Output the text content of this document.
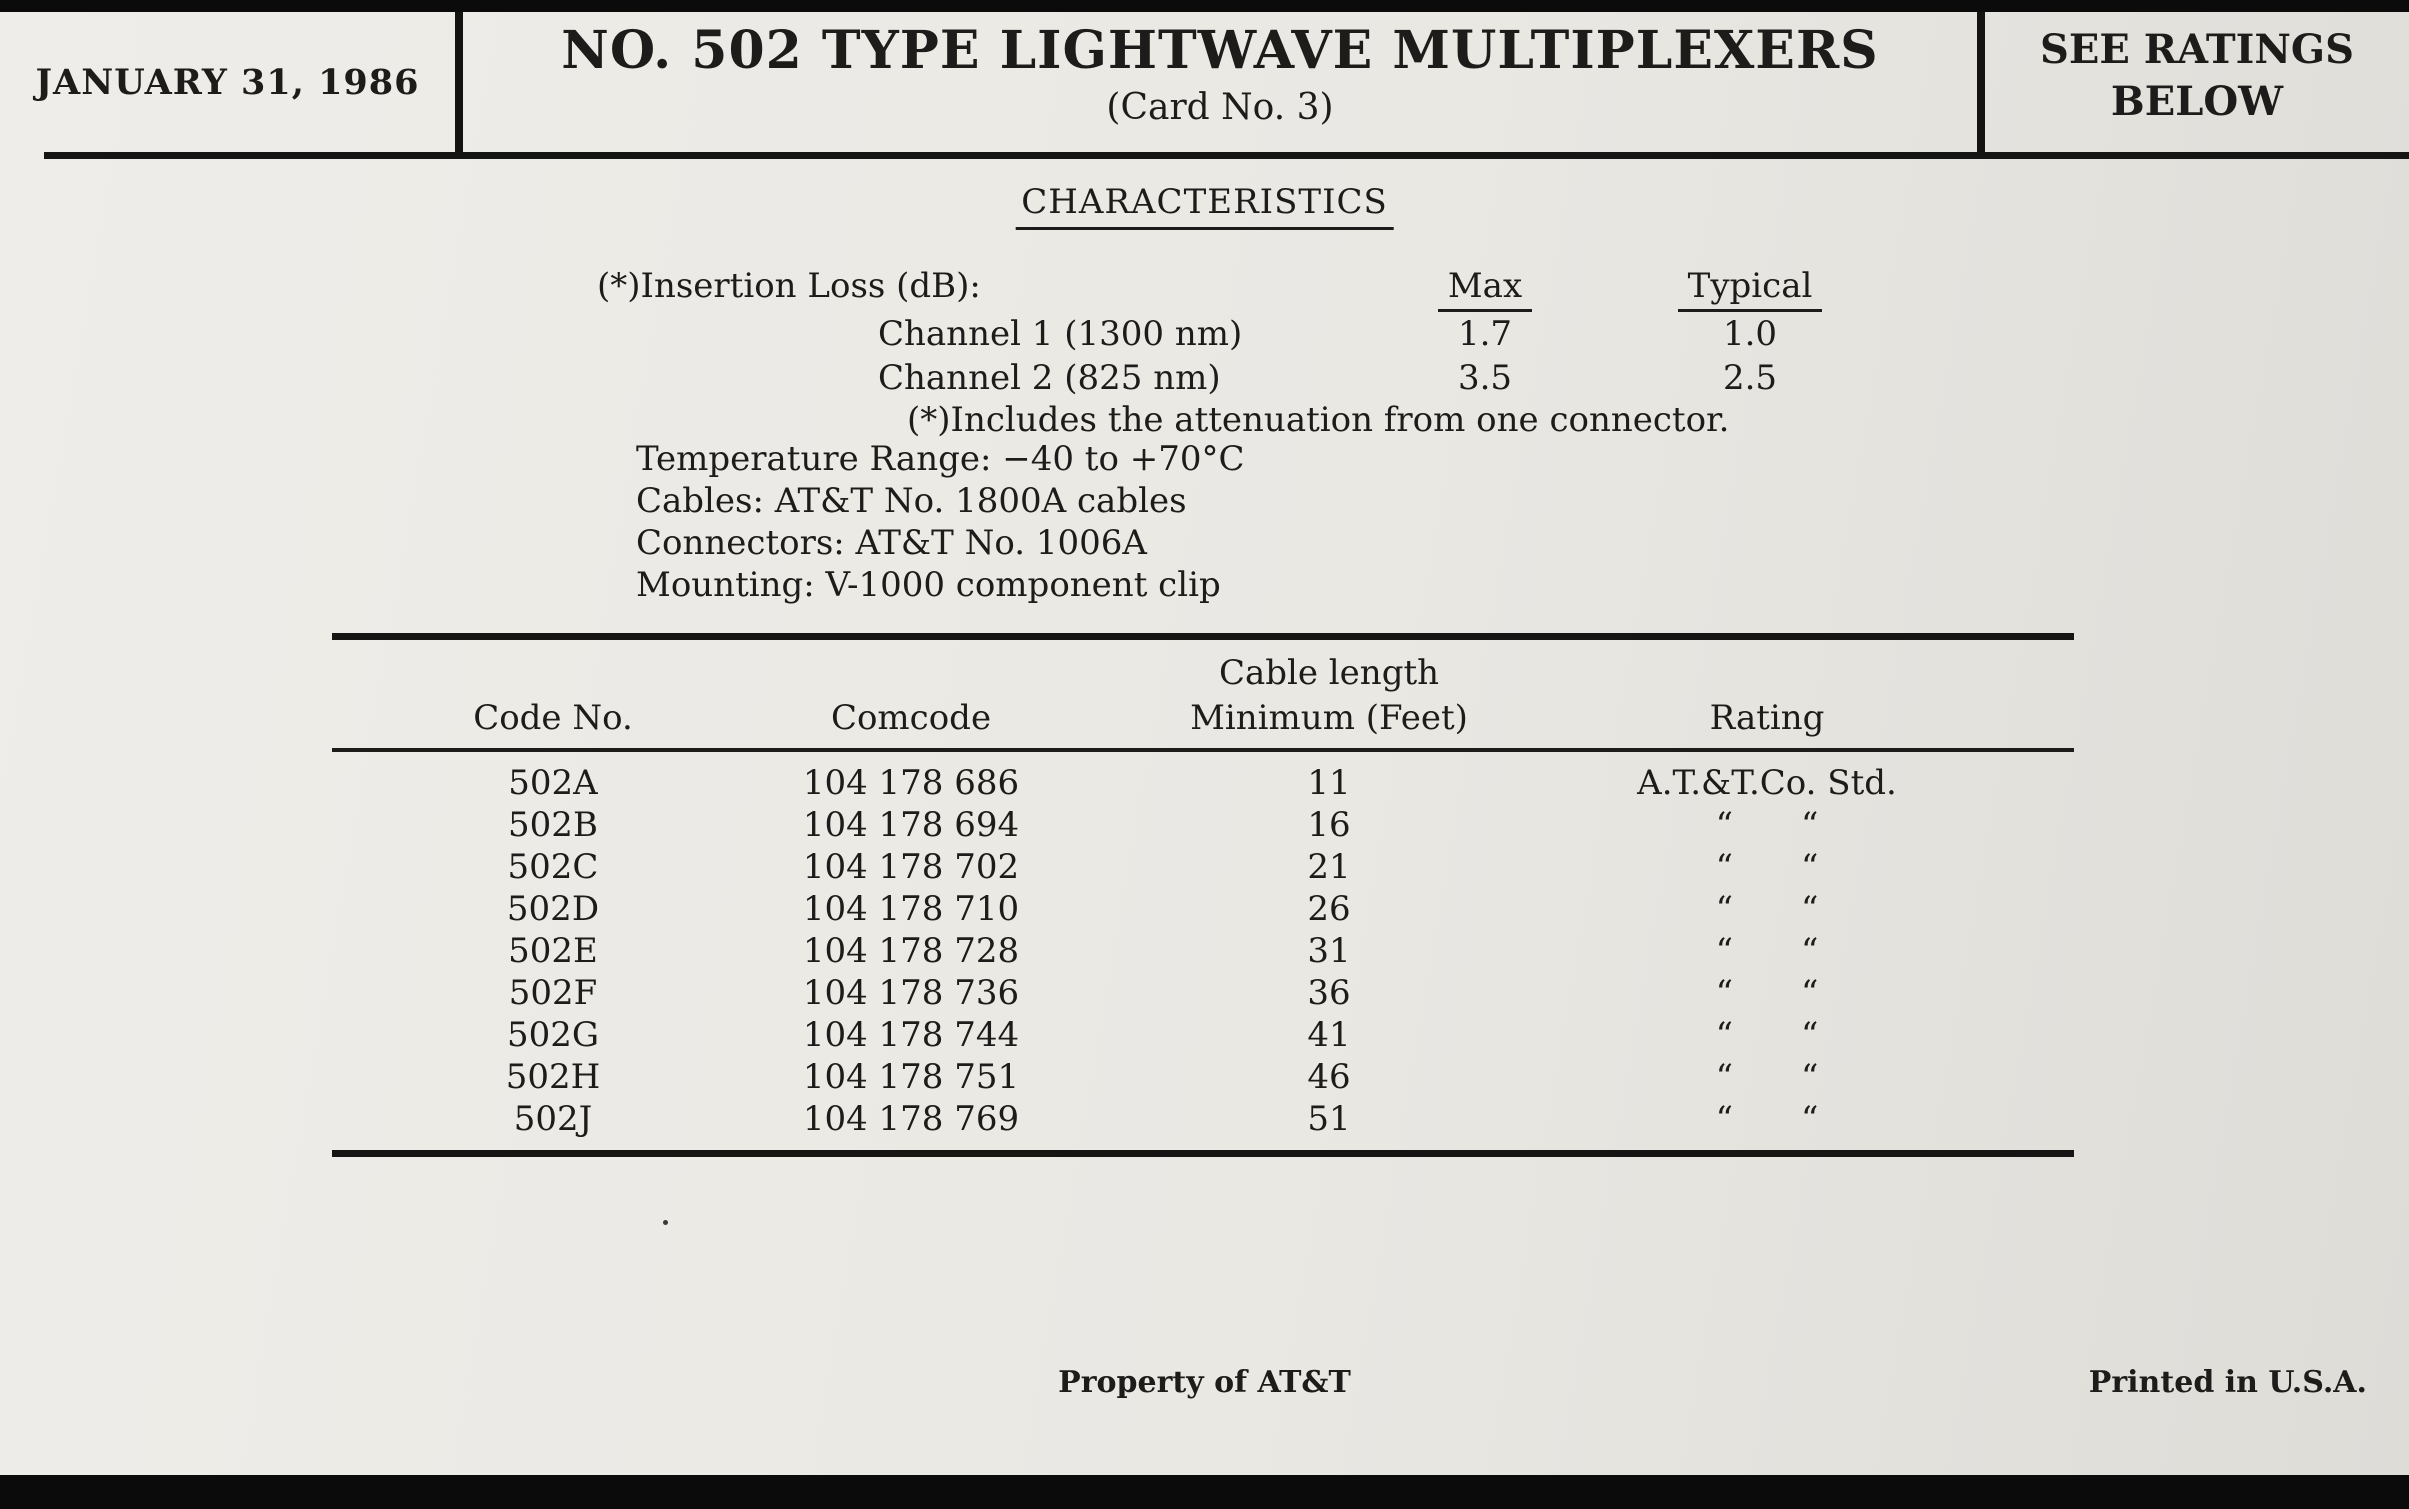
JANUARY 31, 1986
NO. 502 TYPE LIGHTWAVE MULTIPLEXERS
(Card No. 3)
SEE RATINGS
BELOW
CHARACTERISTICS
(*)Insertion Loss (dB):	Max	Typical
Channel 1 (1300 nm)	1.7	1.0
Channel 2 (825 nm)	3.5	2.5
(*)Includes the attenuation from one connector.
Temperature Range: −40 to +70°C
Cables: AT&T No. 1800A cables
Connectors: AT&T No. 1006A
Mounting: V-1000 component clip
Cable length
Code No.	Comcode	Minimum (Feet)	Rating
502A	104 178 686	11	A.T.&T.Co. Std.
502B	104 178 694	16	“  “
502C	104 178 702	21	“  “
502D	104 178 710	26	“  “
502E	104 178 728	31	“  “
502F	104 178 736	36	“  “
502G	104 178 744	41	“  “
502H	104 178 751	46	“  “
502J	104 178 769	51	“  “
Property of AT&T	Printed in U.S.A.
